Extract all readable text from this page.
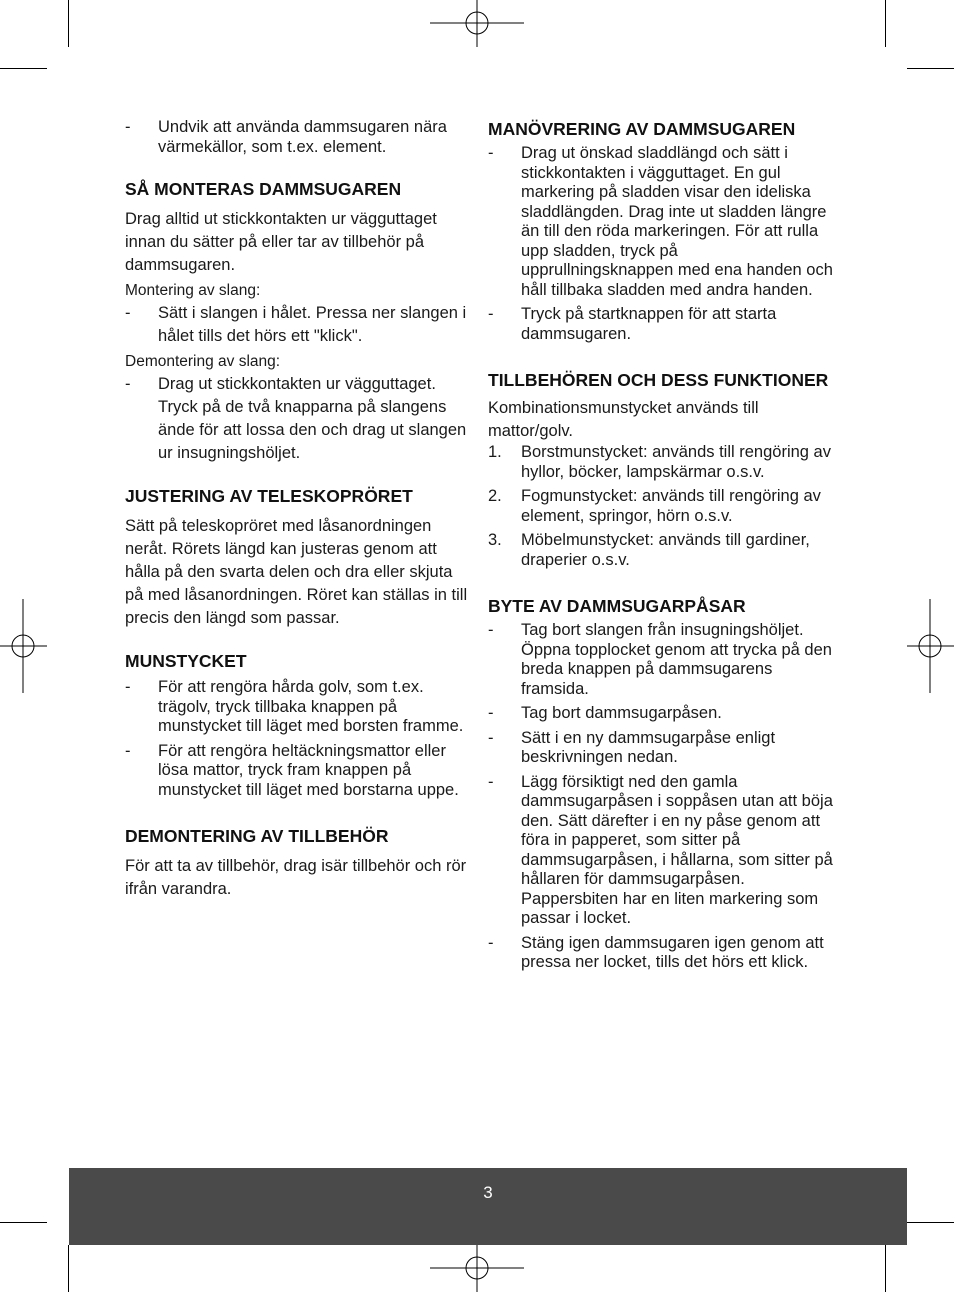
- Undvik att använda dammsugaren nära värmekällor, som t.ex. element.
SÅ MONTERAS DAMMSUGAREN

Drag alltid ut stickkontakten ur vägguttaget innan du sätter på eller tar av tillbehör på dammsugaren.

Montering av slang:
- Sätt i slangen i hålet. Pressa ner slangen i hålet tills det hörs ett "klick".
Demontering av slang:
- Drag ut stickkontakten ur vägguttaget. Tryck på de två knapparna på slangens ände för att lossa den och drag ut slangen ur insugningshöljet.
JUSTERING AV TELESKOPRÖRET

Sätt på teleskopröret med låsanordningen neråt. Rörets längd kan justeras genom att hålla på den svarta delen och dra eller skjuta på med låsanordningen. Röret kan ställas in till precis den längd som passar.

MUNSTYCKET
- För att rengöra hårda golv, som t.ex. trägolv, tryck tillbaka knappen på munstycket till läget med borsten framme.
- För att rengöra heltäckningsmattor eller lösa mattor, tryck fram knappen på munstycket till läget med borstarna uppe.
DEMONTERING AV TILLBEHÖR

För att ta av tillbehör, drag isär tillbehör och rör ifrån varandra.

MANÖVRERING AV DAMMSUGAREN
- Drag ut önskad sladdlängd och sätt i stickkontakten i vägguttaget. En gul markering på sladden visar den ideliska sladdlängden. Drag inte ut sladden längre än till den röda markeringen. För att rulla upp sladden, tryck på upprullningsknappen med ena handen och håll tillbaka sladden med andra handen.
- Tryck på startknappen för att starta dammsugaren.
TILLBEHÖREN OCH DESS FUNKTIONER

Kombinationsmunstycket används till mattor/golv.

1. Borstmunstycket: används till rengöring av hyllor, böcker, lampskärmar o.s.v.
2. Fogmunstycket: används till rengöring av element, springor, hörn o.s.v.
3. Möbelmunstycket: används till gardiner, draperier o.s.v.
BYTE AV DAMMSUGARPÅSAR
- Tag bort slangen från insugningshöljet. Öppna topplocket genom att trycka på den breda knappen på dammsugarens framsida.
- Tag bort dammsugarpåsen.
- Sätt i en ny dammsugarpåse enligt beskrivningen nedan.
- Lägg försiktigt ned den gamla dammsugarpåsen i soppåsen utan att böja den. Sätt därefter i en ny påse genom att föra in papperet, som sitter på dammsugarpåsen, i hållarna, som sitter på hållaren för dammsugarpåsen. Pappersbiten har en liten markering som passar i locket.
- Stäng igen dammsugaren igen genom att pressa ner locket, tills det hörs ett klick.
3
